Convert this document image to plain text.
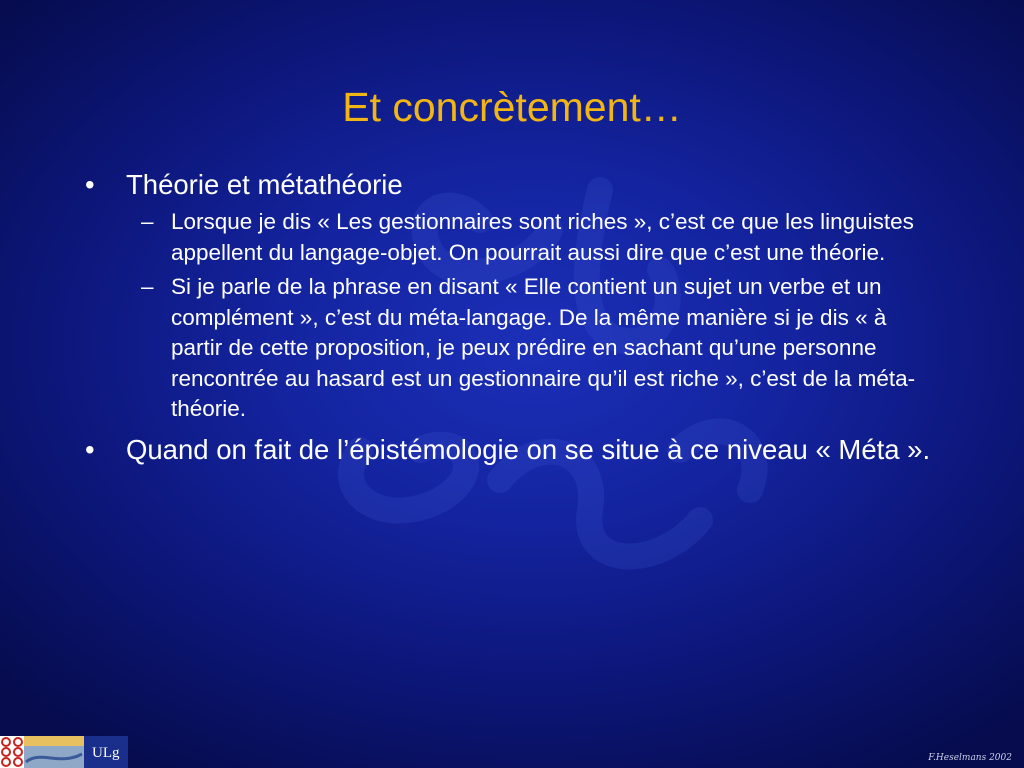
Et concrètement…
• Théorie et métathéorie
– Lorsque je dis « Les gestionnaires sont riches », c’est ce que les linguistes appellent du langage-objet. On pourrait aussi dire que c’est une théorie.
– Si je parle de la phrase en disant « Elle contient un sujet un verbe et un complément », c’est du méta-langage. De la même manière si je dis « à partir de cette proposition, je peux prédire en sachant qu’une personne rencontrée au hasard est un gestionnaire qu’il est riche », c’est de la méta-théorie.
• Quand on fait de l’épistémologie on se situe à ce niveau « Méta ».
ULg	F.Heselmans 2002
